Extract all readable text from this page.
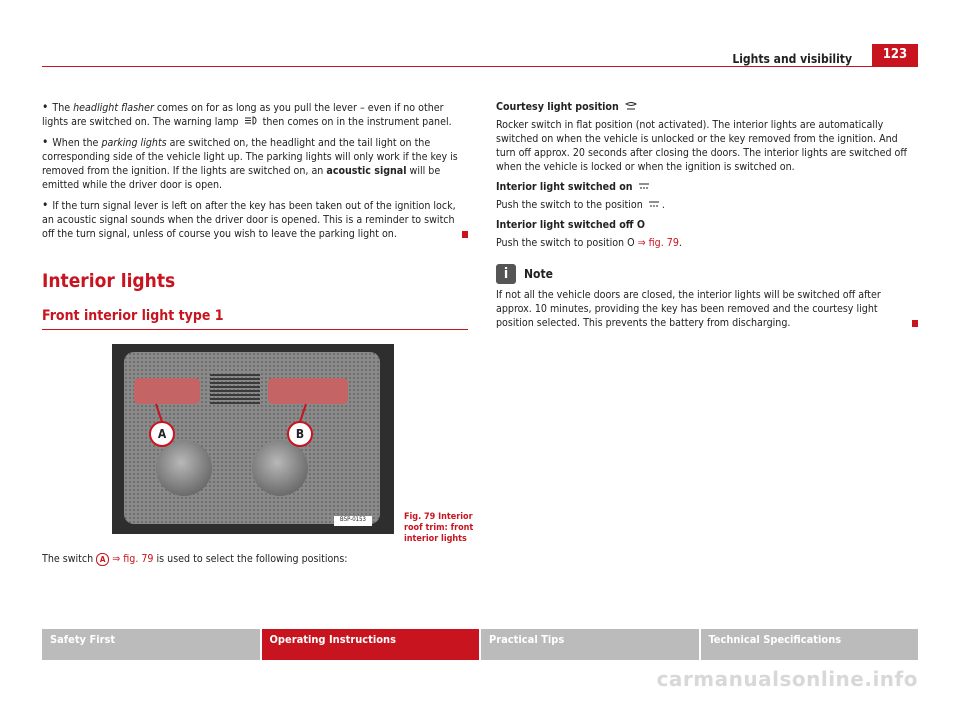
Lights and visibility	123

• The headlight flasher comes on for as long as you pull the lever – even if no other lights are switched on. The warning lamp  then comes on in the instrument panel.

• When the parking lights are switched on, the headlight and the tail light on the corresponding side of the vehicle light up. The parking lights will only work if the key is removed from the ignition. If the lights are switched on, an acoustic signal will be emitted while the driver door is open.

• If the turn signal lever is left on after the key has been taken out of the ignition lock, an acoustic signal sounds when the driver door is opened. This is a reminder to switch off the turn signal, unless of course you wish to leave the parking light on.

Interior lights
Front interior light type 1
A	B
B5P-0153	Fig. 79 Interior roof trim: front interior lights

The switch A ⇒ fig. 79 is used to select the following positions:

Courtesy light position

Rocker switch in flat position (not activated). The interior lights are automatically switched on when the vehicle is unlocked or the key removed from the ignition. And turn off approx. 20 seconds after closing the doors. The interior lights are switched off when the vehicle is locked or when the ignition is switched on.

Interior light switched on

Push the switch to the position .

Interior light switched off O

Push the switch to position O ⇒ fig. 79.

i	Note

If not all the vehicle doors are closed, the interior lights will be switched off after approx. 10 minutes, providing the key has been removed and the courtesy light position selected. This prevents the battery from discharging.

Safety First	Operating Instructions	Practical Tips	Technical Specifications
carmanualsonline.info
